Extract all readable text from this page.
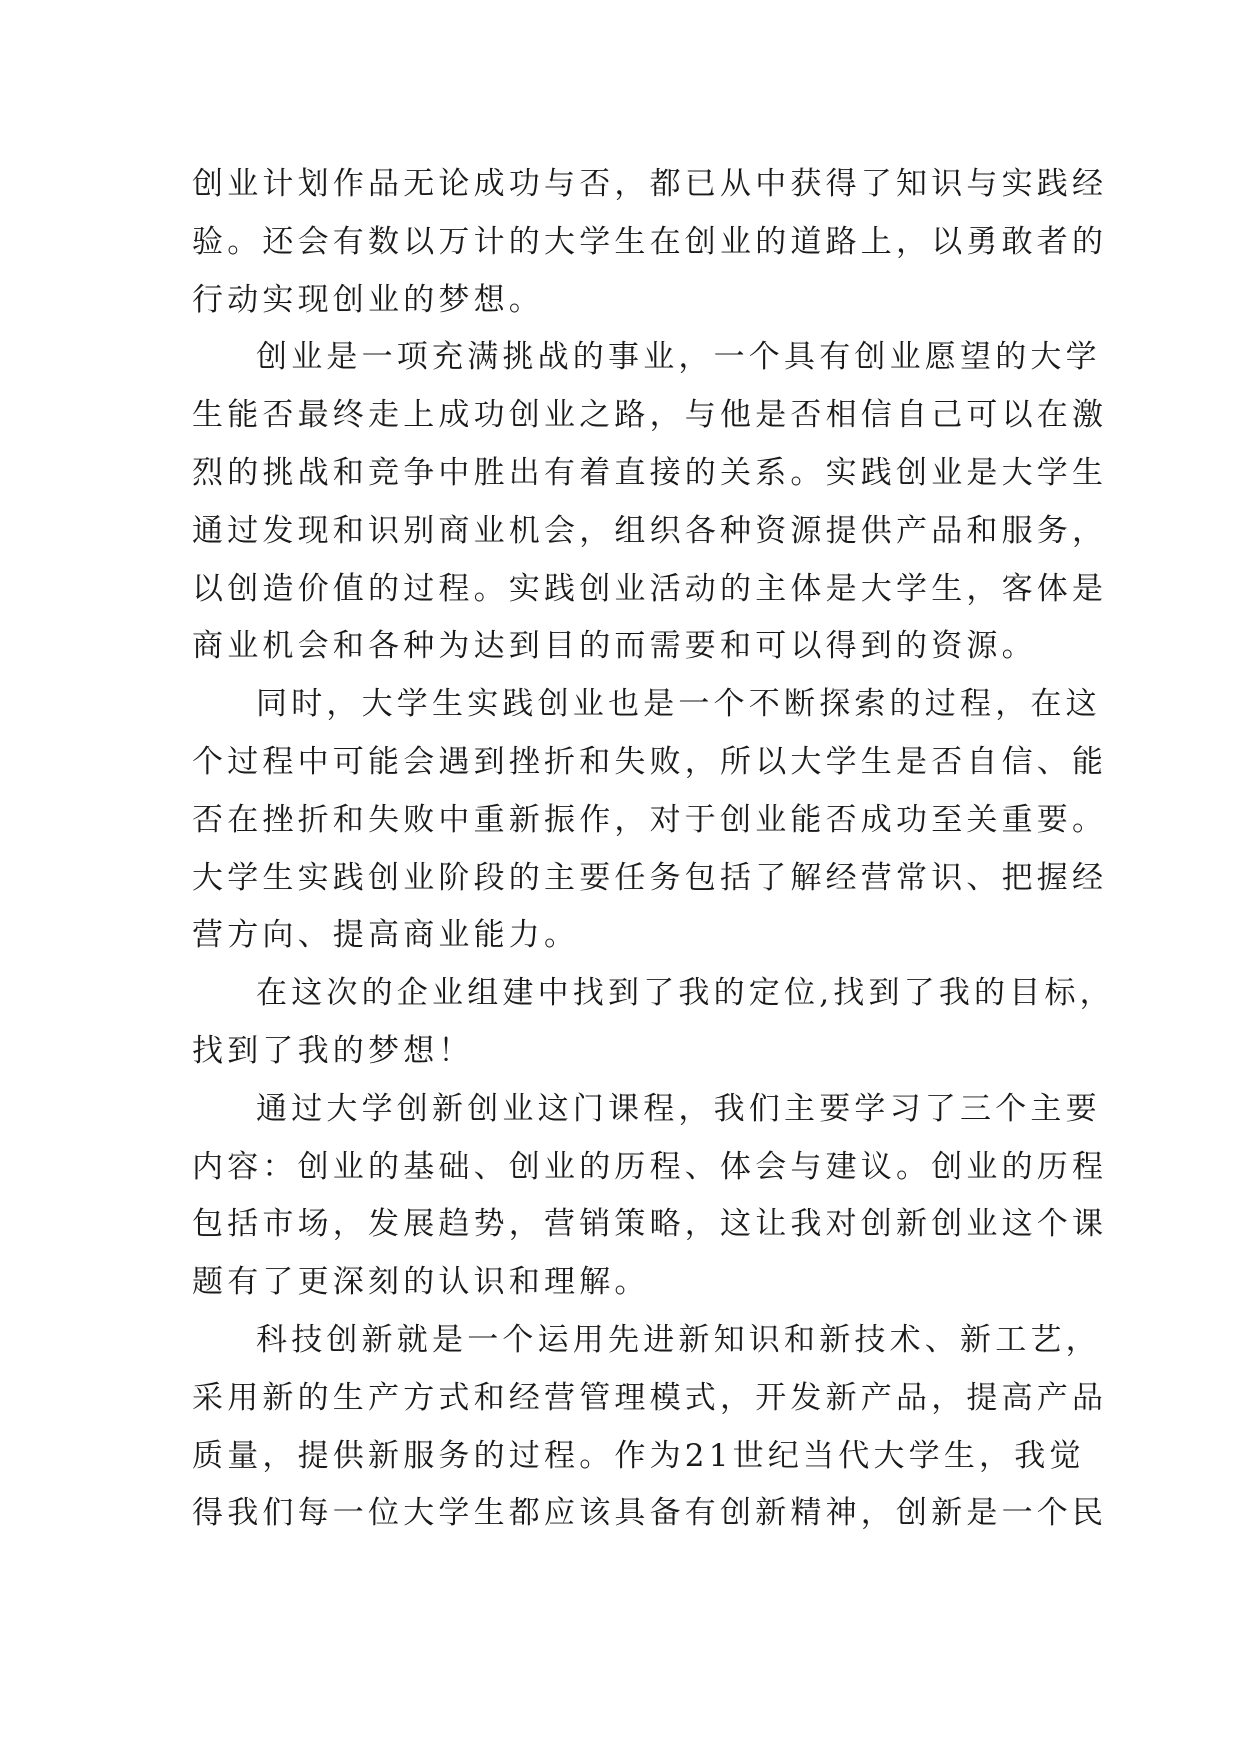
创业计划作品无论成功与否，都已从中获得了知识与实践经
验。还会有数以万计的大学生在创业的道路上，以勇敢者的
行动实现创业的梦想。
创业是一项充满挑战的事业，一个具有创业愿望的大学
生能否最终走上成功创业之路，与他是否相信自己可以在激
烈的挑战和竞争中胜出有着直接的关系。实践创业是大学生
通过发现和识别商业机会，组织各种资源提供产品和服务，
以创造价值的过程。实践创业活动的主体是大学生，客体是
商业机会和各种为达到目的而需要和可以得到的资源。
同时，大学生实践创业也是一个不断探索的过程，在这
个过程中可能会遇到挫折和失败，所以大学生是否自信、能
否在挫折和失败中重新振作，对于创业能否成功至关重要。
大学生实践创业阶段的主要任务包括了解经营常识、把握经
营方向、提高商业能力。
在这次的企业组建中找到了我的定位,找到了我的目标，
找到了我的梦想！
通过大学创新创业这门课程，我们主要学习了三个主要
内容：创业的基础、创业的历程、体会与建议。创业的历程
包括市场，发展趋势，营销策略，这让我对创新创业这个课
题有了更深刻的认识和理解。
科技创新就是一个运用先进新知识和新技术、新工艺，
采用新的生产方式和经营管理模式，开发新产品，提高产品
质量，提供新服务的过程。作为21世纪当代大学生，我觉
得我们每一位大学生都应该具备有创新精神，创新是一个民
